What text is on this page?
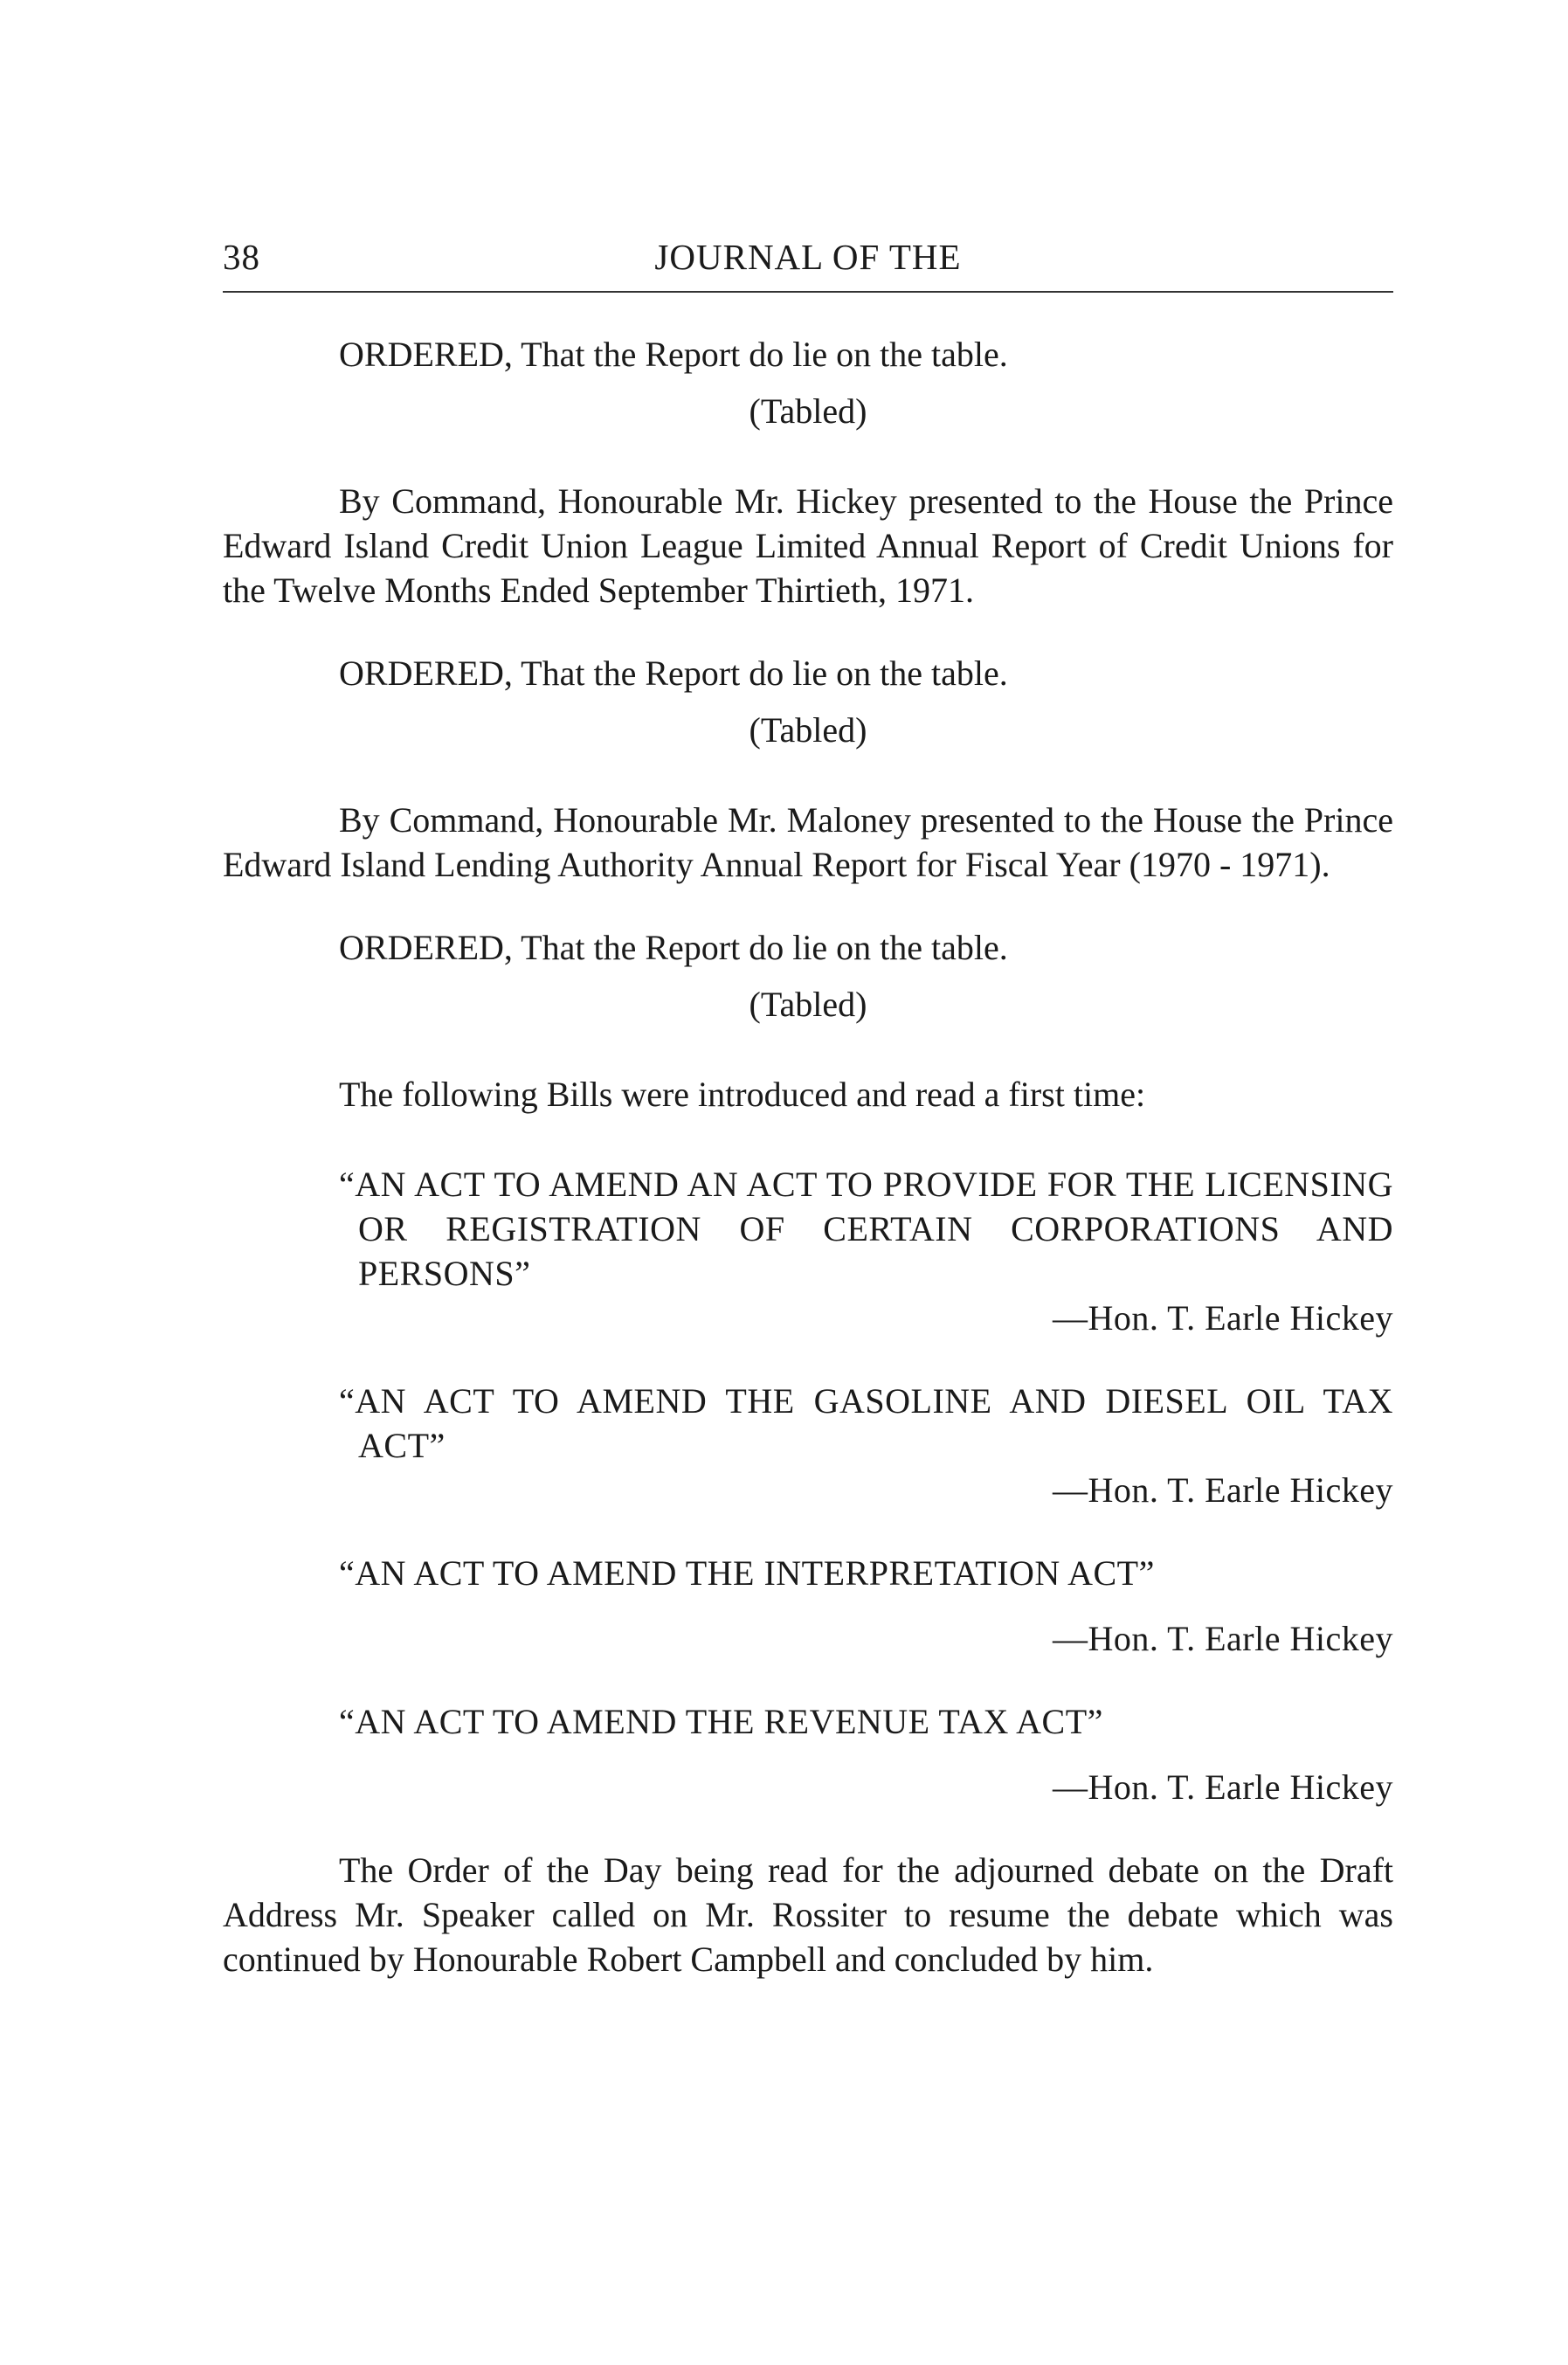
38	JOURNAL OF THE

ORDERED, That the Report do lie on the table.

(Tabled)

By Command, Honourable Mr. Hickey presented to the House the Prince Edward Island Credit Union League Limited Annual Report of Credit Unions for the Twelve Months Ended September Thirtieth, 1971.

ORDERED, That the Report do lie on the table.

(Tabled)

By Command, Honourable Mr. Maloney presented to the House the Prince Edward Island Lending Authority Annual Report for Fiscal Year (1970 - 1971).

ORDERED, That the Report do lie on the table.

(Tabled)

The following Bills were introduced and read a first time:

“AN ACT TO AMEND AN ACT TO PROVIDE FOR THE LICENSING OR REGISTRATION OF CERTAIN CORPORATIONS AND PERSONS”

—Hon. T. Earle Hickey

“AN ACT TO AMEND THE GASOLINE AND DIESEL OIL TAX ACT”

—Hon. T. Earle Hickey

“AN ACT TO AMEND THE INTERPRETATION ACT”

—Hon. T. Earle Hickey

“AN ACT TO AMEND THE REVENUE TAX ACT”

—Hon. T. Earle Hickey

The Order of the Day being read for the adjourned debate on the Draft Address Mr. Speaker called on Mr. Rossiter to resume the debate which was continued by Honourable Robert Campbell and concluded by him.
